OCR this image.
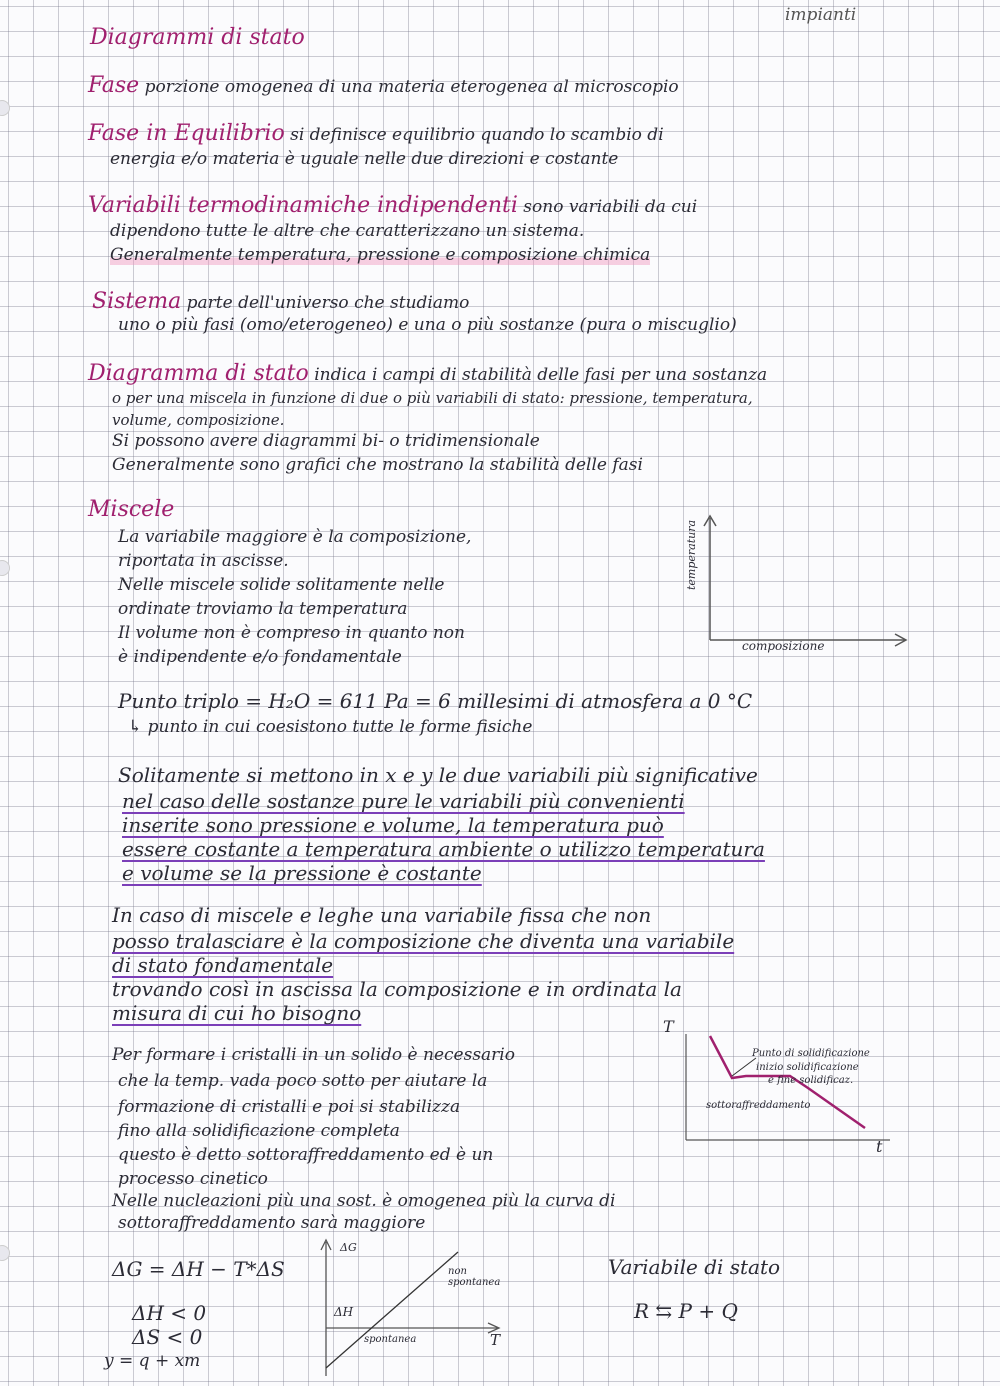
impianti
Diagrammi di stato
Fase porzione omogenea di una materia eterogenea al microscopio
Fase in Equilibrio si definisce equilibrio quando lo scambio di
energia e/o materia è uguale nelle due direzioni e costante
Variabili termodinamiche indipendenti sono variabili da cui
dipendono tutte le altre che caratterizzano un sistema.
Generalmente temperatura, pressione e composizione chimica
Sistema parte dell'universo che studiamo
uno o più fasi (omo/eterogeneo) e una o più sostanze (pura o miscuglio)
Diagramma di stato indica i campi di stabilità delle fasi per una sostanza
o per una miscela in funzione di due o più variabili di stato: pressione, temperatura,
volume, composizione.
Si possono avere diagrammi bi- o tridimensionale
Generalmente sono grafici che mostrano la stabilità delle fasi
Miscele
La variabile maggiore è la composizione,
riportata in ascisse.
Nelle miscele solide solitamente nelle
ordinate troviamo la temperatura
Il volume non è compreso in quanto non
è indipendente e/o fondamentale
temperatura
composizione
Punto triplo = H₂O = 611 Pa = 6 millesimi di atmosfera a 0 °C
↳ punto in cui coesistono tutte le forme fisiche
Solitamente si mettono in x e y le due variabili più significative
nel caso delle sostanze pure le variabili più convenienti
inserite sono pressione e volume, la temperatura può
essere costante a temperatura ambiente o utilizzo temperatura
e volume se la pressione è costante
In caso di miscele e leghe una variabile fissa che non
posso tralasciare è la composizione che diventa una variabile
di stato fondamentale
trovando così in ascissa la composizione e in ordinata la
misura di cui ho bisogno
Per formare i cristalli in un solido è necessario
che la temp. vada poco sotto per aiutare la
formazione di cristalli e poi si stabilizza
fino alla solidificazione completa
questo è detto sottoraffreddamento ed è un
processo cinetico
T
t
Punto di solidificazione
inizio solidificazione
e fine solidificaz.
sottoraffreddamento
Nelle nucleazioni più una sost. è omogenea più la curva di
sottoraffreddamento sarà maggiore
ΔG = ΔH − T*ΔS
ΔH < 0
ΔS < 0
y = q + xm
ΔG
T
ΔH
non spontanea
spontanea
Variabile di stato
R ⇆ P + Q
